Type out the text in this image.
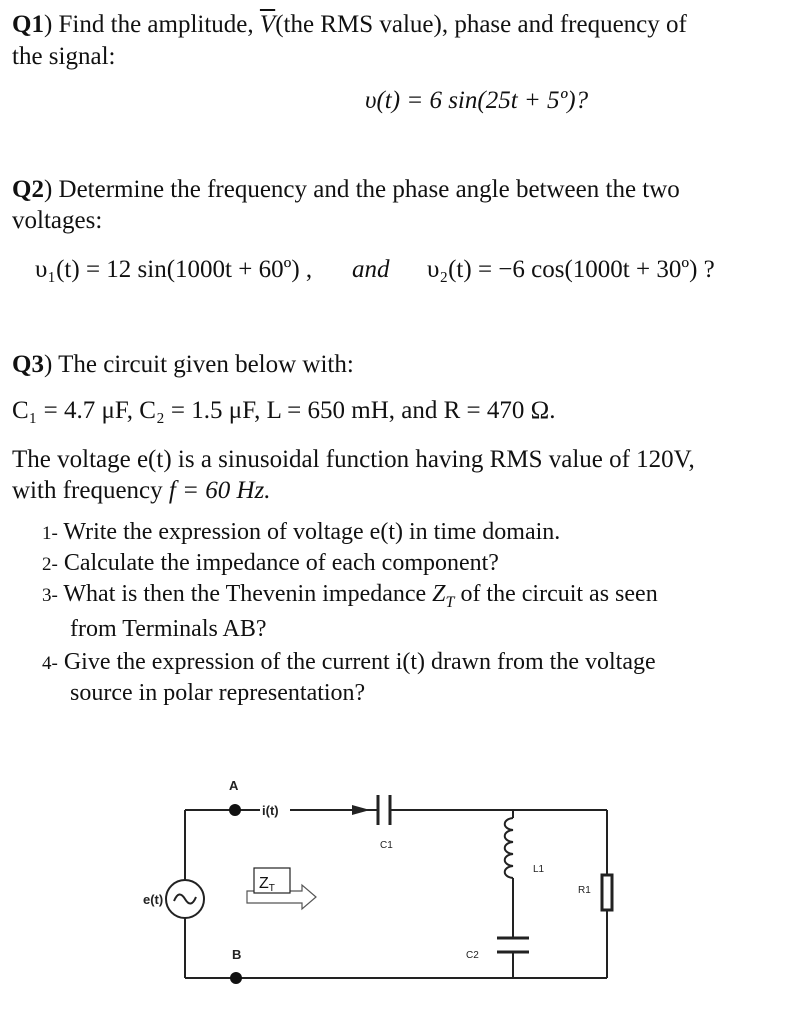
Q1) Find the amplitude, $\overline{V}(the$ RMS value), phase and frequency of
the signal:
υ(t) = 6 sin(25t + 5º)?
Q2) Determine the frequency and the phase angle between the two
voltages:
υ₁(t) = 12 sin(1000t + 60º) , and υ₂(t) = −6 cos(1000t + 30º) ?
Q3) The circuit given below with:
C₁ = 4.7 μF, C₂ = 1.5 μF, L = 650 mH, and R = 470 Ω.
The voltage e(t) is a sinusoidal function having RMS value of 120V,
with frequency f = 60 Hz.
1- Write the expression of voltage e(t) in time domain.
2- Calculate the impedance of each component?
3- What is then the Thevenin impedance $Z_T$ of the circuit as seen
from Terminals AB?
4- Give the expression of the current i(t) drawn from the voltage
source in polar representation?
A
B
i(t)
C1
C2
L1
R1
e(t)
ZT
